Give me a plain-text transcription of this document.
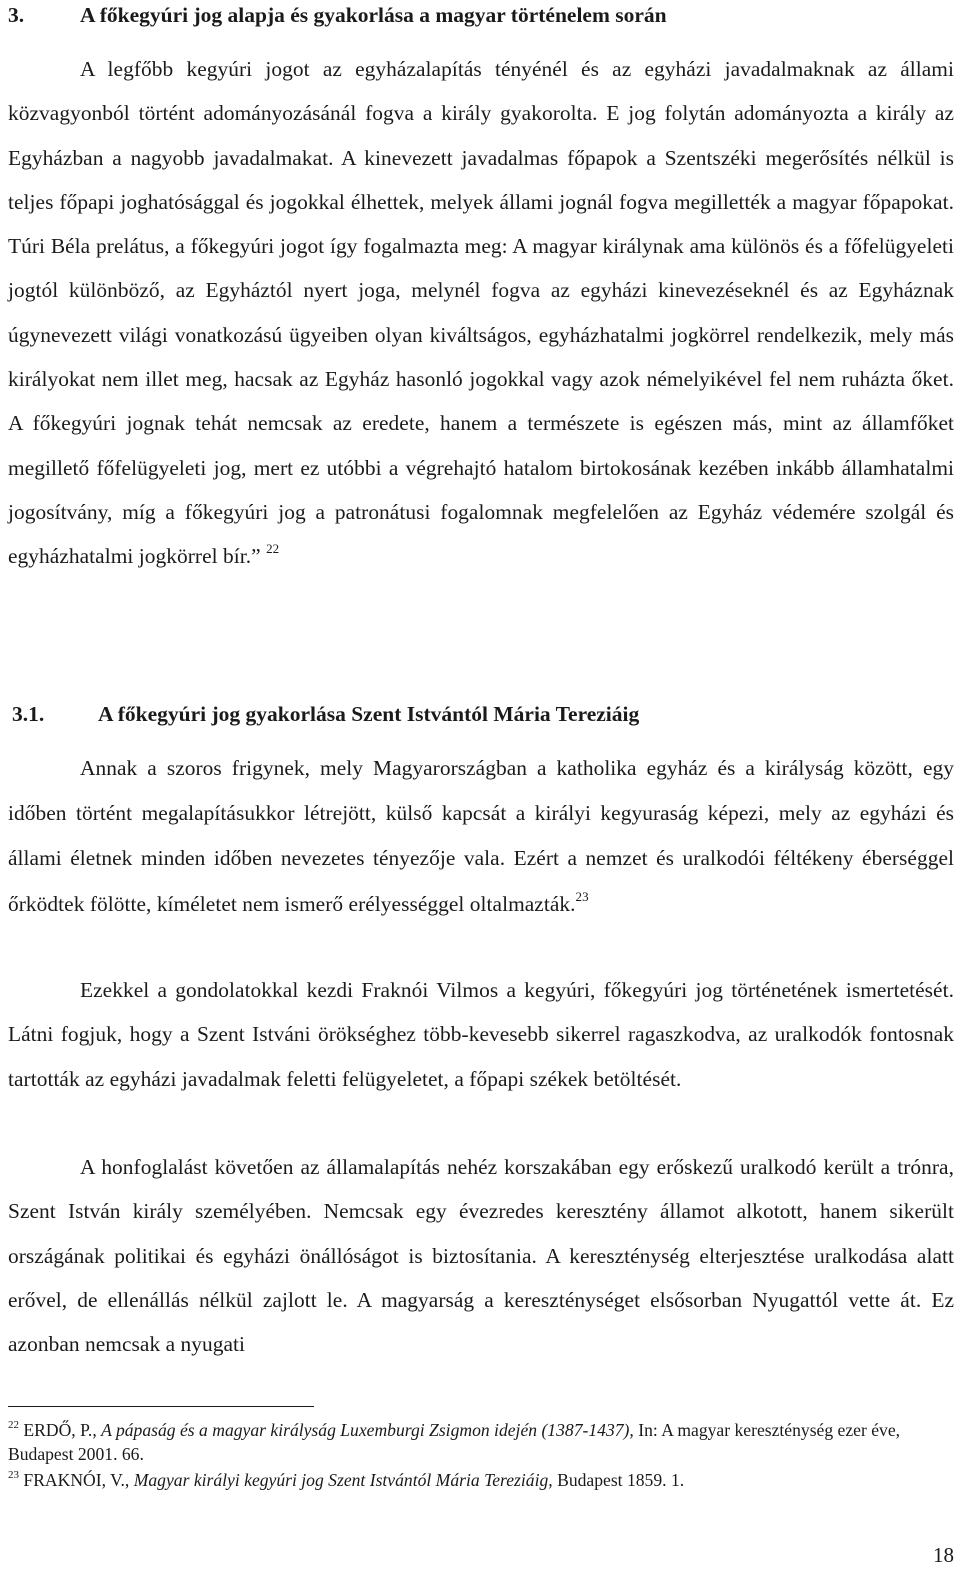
3.	A főkegyúri jog alapja és gyakorlása a magyar történelem során

A legfőbb kegyúri jogot az egyházalapítás tényénél és az egyházi javadalmaknak az állami közvagyonból történt adományozásánál fogva a király gyakorolta. E jog folytán adományozta a király az Egyházban a nagyobb javadalmakat. A kinevezett javadalmas főpapok a Szentszéki megerősítés nélkül is teljes főpapi joghatósággal és jogokkal élhettek, melyek állami jognál fogva megillették a magyar főpapokat. Túri Béla prelátus, a főkegyúri jogot így fogalmazta meg: A magyar királynak ama különös és a főfelügyeleti jogtól különböző, az Egyháztól nyert joga, melynél fogva az egyházi kinevezéseknél és az Egyháznak úgynevezett világi vonatkozású ügyeiben olyan kiváltságos, egyházhatalmi jogkörrel rendelkezik, mely más királyokat nem illet meg, hacsak az Egyház hasonló jogokkal vagy azok némelyikével fel nem ruházta őket. A főkegyúri jognak tehát nemcsak az eredete, hanem a természete is egészen más, mint az államfőket megillető főfelügyeleti jog, mert ez utóbbi a végrehajtó hatalom birtokosának kezében inkább államhatalmi jogosítvány, míg a főkegyúri jog a patronátusi fogalomnak megfelelően az Egyház védemére szolgál és egyházhatalmi jogkörrel bír.” $^{22}$

3.1.	A főkegyúri jog gyakorlása Szent Istvántól Mária Tereziáig

Annak a szoros frigynek, mely Magyarországban a katholika egyház és a királyság között, egy időben történt megalapításukkor létrejött, külső kapcsát a királyi kegyuraság képezi, mely az egyházi és állami életnek minden időben nevezetes tényezője vala. Ezért a nemzet és uralkodói féltékeny éberséggel őrködtek fölötte, kíméletet nem ismerő erélyességgel oltalmazták.$^{23}$

Ezekkel a gondolatokkal kezdi Fraknói Vilmos a kegyúri, főkegyúri jog történetének ismertetését. Látni fogjuk, hogy a Szent Istváni örökséghez több-kevesebb sikerrel ragaszkodva, az uralkodók fontosnak tartották az egyházi javadalmak feletti felügyeletet, a főpapi székek betöltését.

A honfoglalást követően az államalapítás nehéz korszakában egy erőskezű uralkodó került a trónra, Szent István király személyében. Nemcsak egy évezredes keresztény államot alkotott, hanem sikerült országának politikai és egyházi önállóságot is biztosítania. A kereszténység elterjesztése uralkodása alatt erővel, de ellenállás nélkül zajlott le. A magyarság a kereszténységet elsősorban Nyugattól vette át. Ez azonban nemcsak a nyugati

$^{22}$ ERDŐ, P., A pápaság és a magyar királyság Luxemburgi Zsigmon idején (1387-1437), In: A magyar kereszténység ezer éve, Budapest 2001. 66.

$^{23}$ FRAKNÓI, V., Magyar királyi kegyúri jog Szent Istvántól Mária Tereziáig, Budapest 1859. 1.

18
